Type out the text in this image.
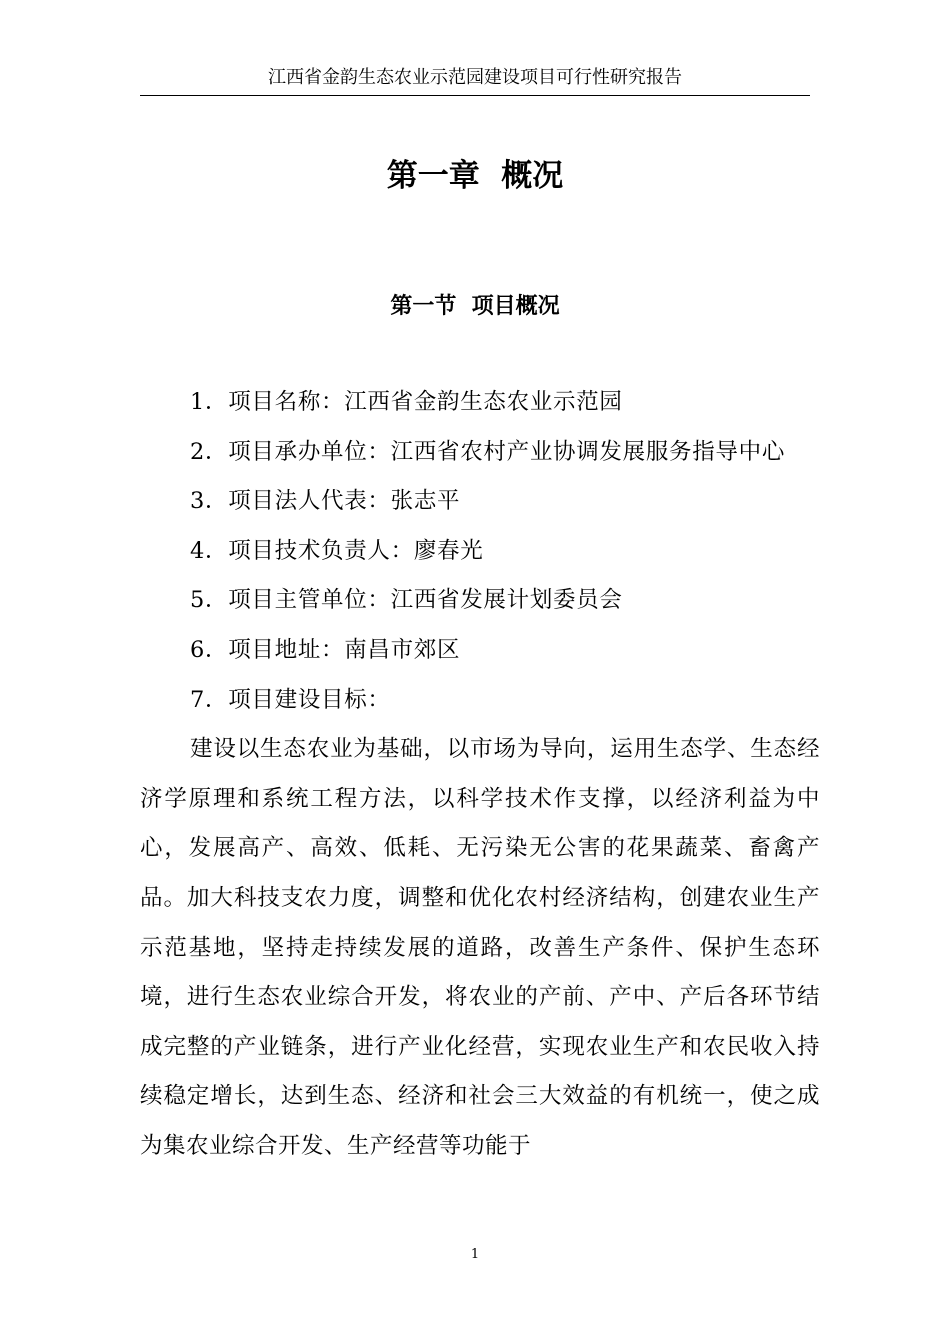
江西省金韵生态农业示范园建设项目可行性研究报告
第一章  概况
第一节  项目概况

1．项目名称：江西省金韵生态农业示范园

2．项目承办单位：江西省农村产业协调发展服务指导中心

3．项目法人代表：张志平

4．项目技术负责人：廖春光

5．项目主管单位：江西省发展计划委员会

6．项目地址：南昌市郊区

7．项目建设目标：

建设以生态农业为基础，以市场为导向，运用生态学、生态经济学原理和系统工程方法，以科学技术作支撑，以经济利益为中心，发展高产、高效、低耗、无污染无公害的花果蔬菜、畜禽产品。加大科技支农力度，调整和优化农村经济结构，创建农业生产示范基地，坚持走持续发展的道路，改善生产条件、保护生态环境，进行生态农业综合开发，将农业的产前、产中、产后各环节结成完整的产业链条，进行产业化经营，实现农业生产和农民收入持续稳定增长，达到生态、经济和社会三大效益的有机统一，使之成为集农业综合开发、生产经营等功能于

1
